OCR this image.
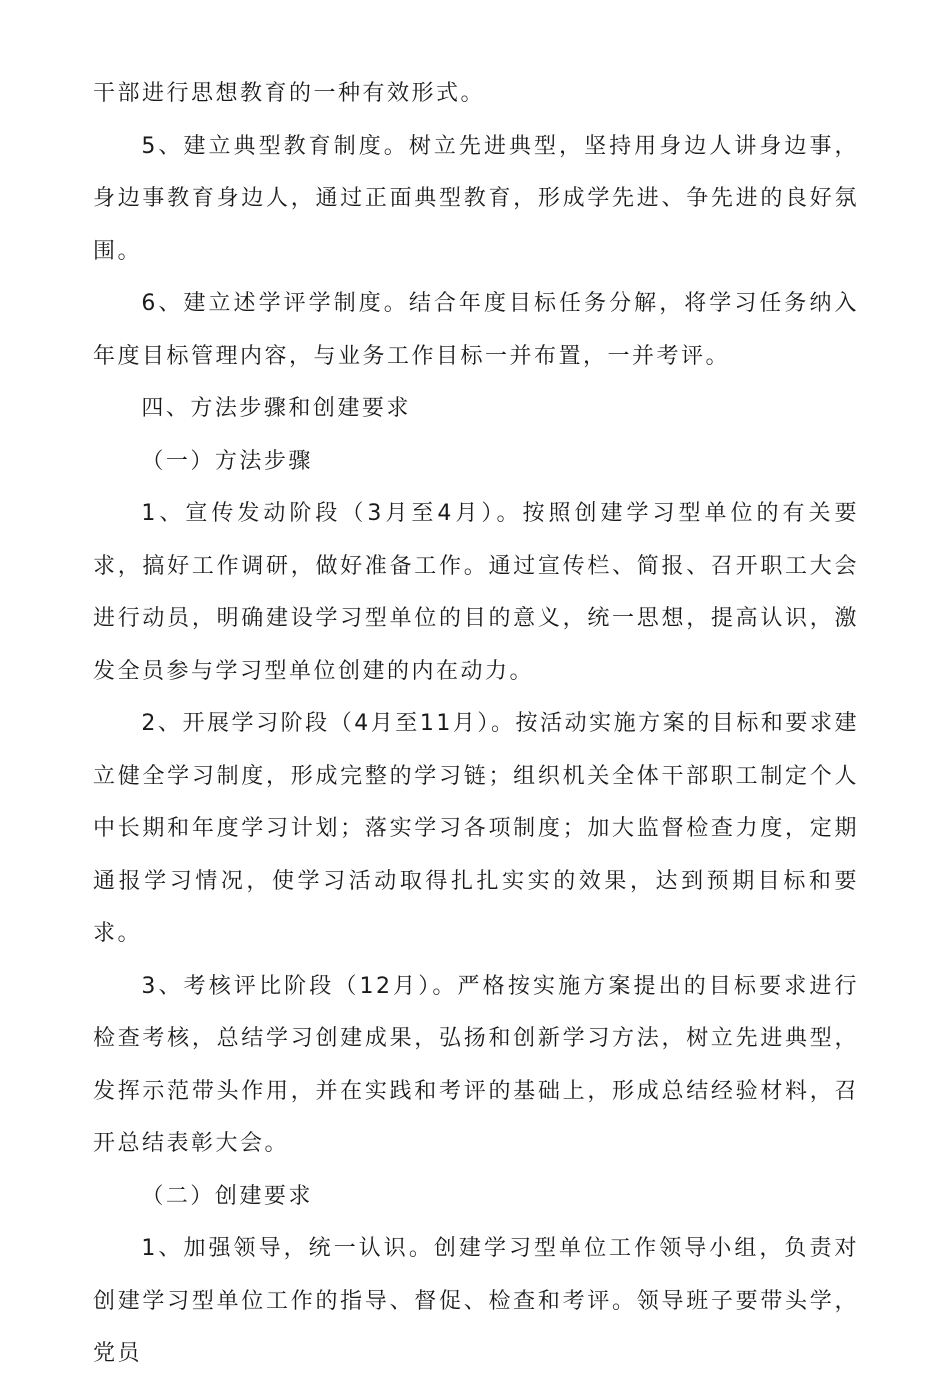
干部进行思想教育的一种有效形式。

5、建立典型教育制度。树立先进典型，坚持用身边人讲身边事，身边事教育身边人，通过正面典型教育，形成学先进、争先进的良好氛围。

6、建立述学评学制度。结合年度目标任务分解，将学习任务纳入年度目标管理内容，与业务工作目标一并布置，一并考评。

四、方法步骤和创建要求

（一）方法步骤

1、宣传发动阶段（3月至4月）。按照创建学习型单位的有关要求，搞好工作调研，做好准备工作。通过宣传栏、简报、召开职工大会进行动员，明确建设学习型单位的目的意义，统一思想，提高认识，激发全员参与学习型单位创建的内在动力。

2、开展学习阶段（4月至11月）。按活动实施方案的目标和要求建立健全学习制度，形成完整的学习链；组织机关全体干部职工制定个人中长期和年度学习计划；落实学习各项制度；加大监督检查力度，定期通报学习情况，使学习活动取得扎扎实实的效果，达到预期目标和要求。

3、考核评比阶段（12月）。严格按实施方案提出的目标要求进行检查考核，总结学习创建成果，弘扬和创新学习方法，树立先进典型，发挥示范带头作用，并在实践和考评的基础上，形成总结经验材料，召开总结表彰大会。

（二）创建要求

1、加强领导，统一认识。创建学习型单位工作领导小组，负责对创建学习型单位工作的指导、督促、检查和考评。领导班子要带头学，党员
